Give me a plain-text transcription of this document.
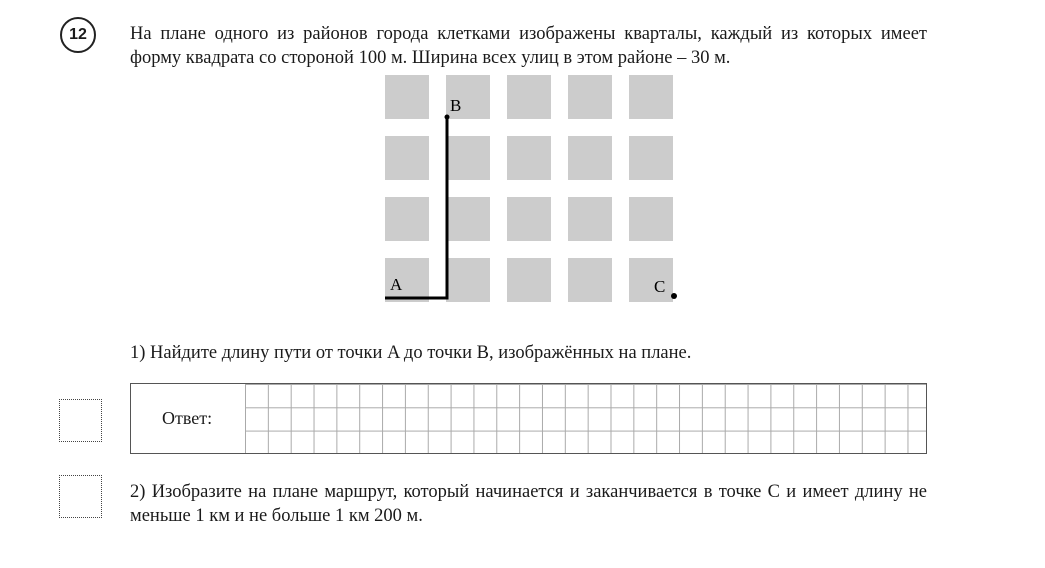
12 На плане одного из районов города клетками изображены кварталы, каждый из которых имеет форму квадрата со стороной 100 м. Ширина всех улиц в этом районе – 30 м.

A
B
C

1) Найдите длину пути от точки A до точки B, изображённых на плане.

Ответ:

2) Изобразите на плане маршрут, который начинается и заканчивается в точке C и имеет длину не меньше 1 км и не больше 1 км 200 м.
